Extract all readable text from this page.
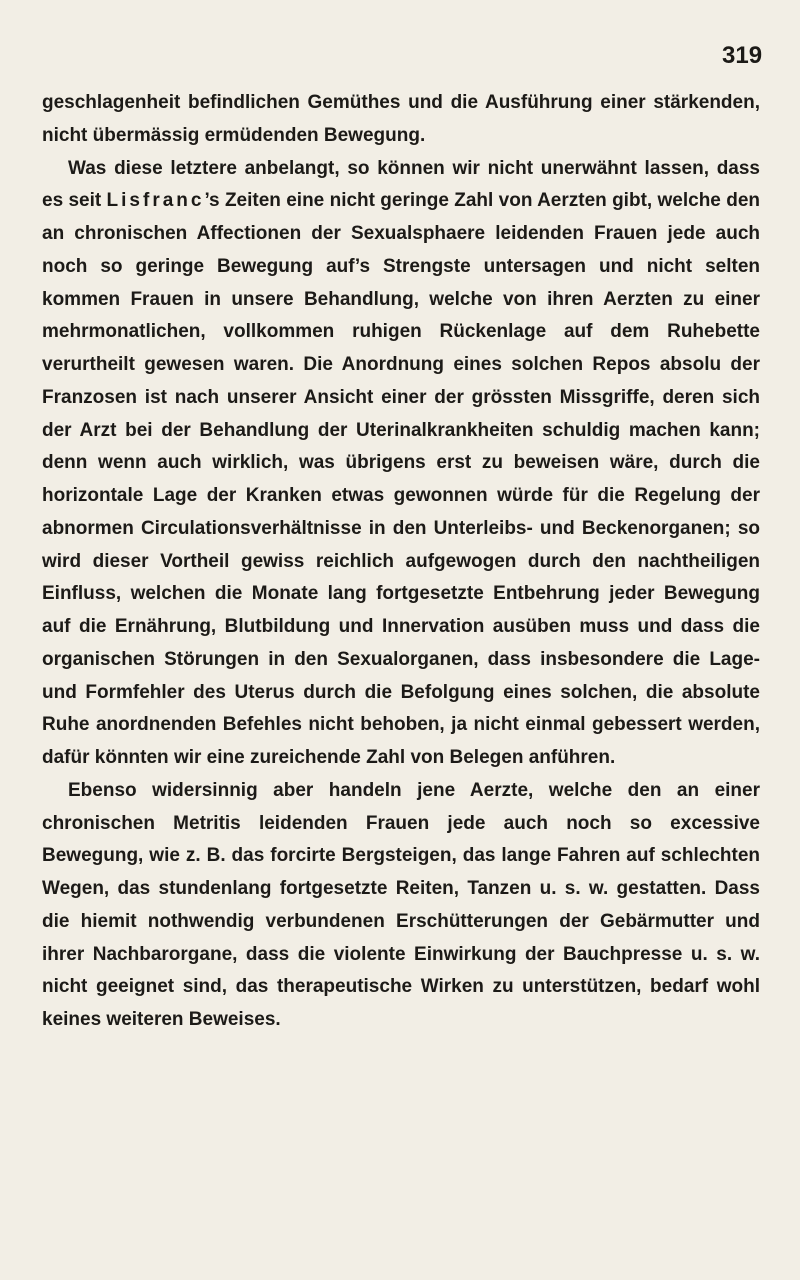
319

geschlagenheit befindlichen Gemüthes und die Ausführung einer stärkenden, nicht übermässig ermüdenden Bewegung.

Was diese letztere anbelangt, so können wir nicht unerwähnt lassen, dass es seit Lisfranc’s Zeiten eine nicht geringe Zahl von Aerzten gibt, welche den an chronischen Affectionen der Sexualsphaere leidenden Frauen jede auch noch so geringe Bewegung auf’s Strengste untersagen und nicht selten kommen Frauen in unsere Behandlung, welche von ihren Aerzten zu einer mehrmonatlichen, vollkommen ruhigen Rückenlage auf dem Ruhebette verurtheilt gewesen waren. Die Anordnung eines solchen Repos absolu der Franzosen ist nach unserer Ansicht einer der grössten Missgriffe, deren sich der Arzt bei der Behandlung der Uterinalkrankheiten schuldig machen kann; denn wenn auch wirklich, was übrigens erst zu beweisen wäre, durch die horizontale Lage der Kranken etwas gewonnen würde für die Regelung der abnormen Circulationsverhältnisse in den Unterleibs- und Beckenorganen; so wird dieser Vortheil gewiss reichlich aufgewogen durch den nachtheiligen Einfluss, welchen die Monate lang fortgesetzte Entbehrung jeder Bewegung auf die Ernährung, Blutbildung und Innervation ausüben muss und dass die organischen Störungen in den Sexualorganen, dass insbesondere die Lage- und Formfehler des Uterus durch die Befolgung eines solchen, die absolute Ruhe anordnenden Befehles nicht behoben, ja nicht einmal gebessert werden, dafür könnten wir eine zureichende Zahl von Belegen anführen.

Ebenso widersinnig aber handeln jene Aerzte, welche den an einer chronischen Metritis leidenden Frauen jede auch noch so excessive Bewegung, wie z. B. das forcirte Bergsteigen, das lange Fahren auf schlechten Wegen, das stundenlang fortgesetzte Reiten, Tanzen u. s. w. gestatten. Dass die hiemit nothwendig verbundenen Erschütterungen der Gebärmutter und ihrer Nachbarorgane, dass die violente Einwirkung der Bauchpresse u. s. w. nicht geeignet sind, das therapeutische Wirken zu unterstützen, bedarf wohl keines weiteren Beweises.
